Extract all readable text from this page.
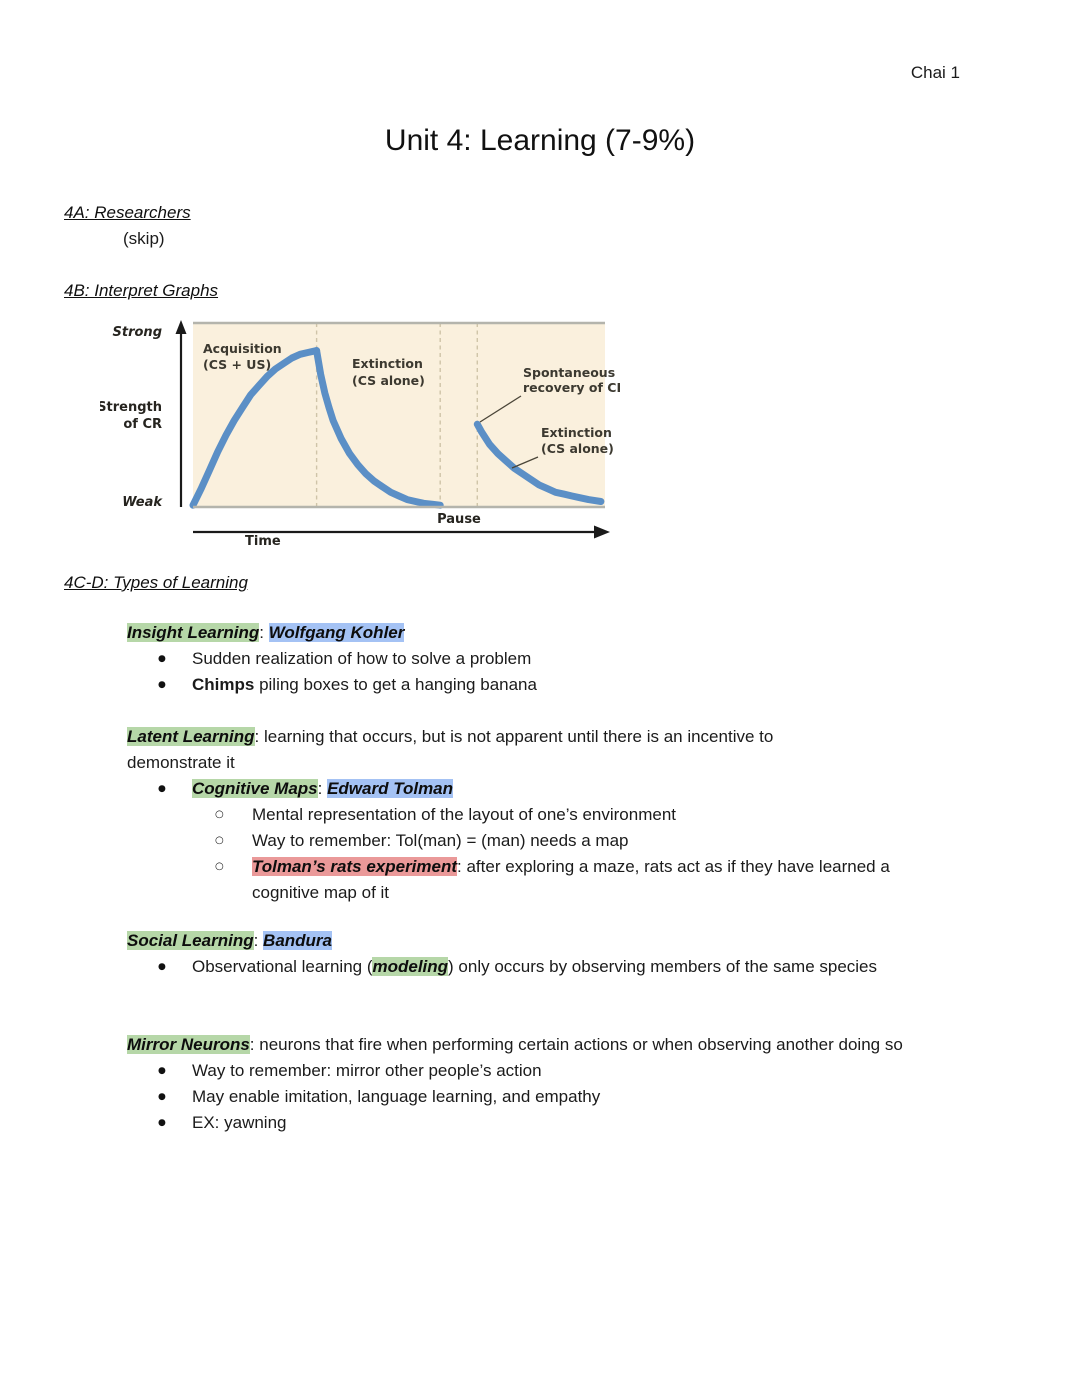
Chai 1
Unit 4: Learning (7-9%)
4A: Researchers
(skip)
4B: Interpret Graphs
Strong
Strength
of CR
Weak
Pause
Time
Acquisition
(CS + US)	Extinction
(CS alone)
Spontaneous
recovery of CR
Extinction
(CS alone)
4C-D: Types of Learning
Insight Learning: Wolfgang Kohler
●	Sudden realization of how to solve a problem
●	Chimps piling boxes to get a hanging banana
Latent Learning: learning that occurs, but is not apparent until there is an incentive to demonstrate it
●	Cognitive Maps: Edward Tolman
○	Mental representation of the layout of one’s environment
○	Way to remember: Tol(man) = (man) needs a map
○	Tolman’s rats experiment: after exploring a maze, rats act as if they have learned a cognitive map of it
Social Learning: Bandura
●	Observational learning (modeling) only occurs by observing members of the same species
Mirror Neurons: neurons that fire when performing certain actions or when observing another doing so
●	Way to remember: mirror other people’s action
●	May enable imitation, language learning, and empathy
●	EX: yawning
